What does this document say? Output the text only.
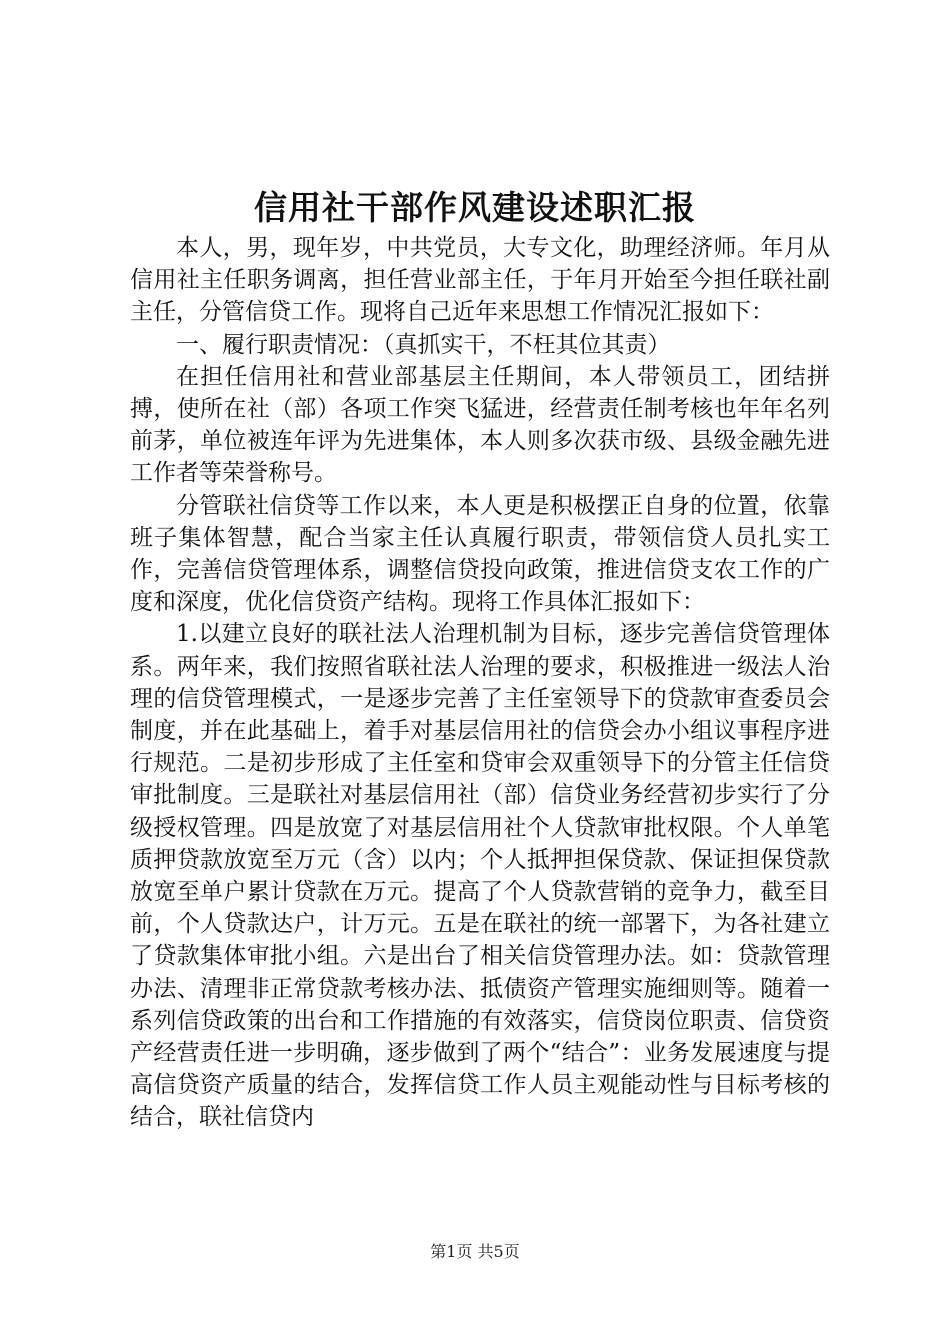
信用社干部作风建设述职汇报

本人，男，现年岁，中共党员，大专文化，助理经济师。年月从信用社主任职务调离，担任营业部主任，于年月开始至今担任联社副主任，分管信贷工作。现将自己近年来思想工作情况汇报如下：

一、履行职责情况：（真抓实干，不枉其位其责）

在担任信用社和营业部基层主任期间，本人带领员工，团结拼搏，使所在社（部）各项工作突飞猛进，经营责任制考核也年年名列前茅，单位被连年评为先进集体，本人则多次获市级、县级金融先进工作者等荣誉称号。

分管联社信贷等工作以来，本人更是积极摆正自身的位置，依靠班子集体智慧，配合当家主任认真履行职责，带领信贷人员扎实工作，完善信贷管理体系，调整信贷投向政策，推进信贷支农工作的广度和深度，优化信贷资产结构。现将工作具体汇报如下：

1.以建立良好的联社法人治理机制为目标，逐步完善信贷管理体系。两年来，我们按照省联社法人治理的要求，积极推进一级法人治理的信贷管理模式，一是逐步完善了主任室领导下的贷款审查委员会制度，并在此基础上，着手对基层信用社的信贷会办小组议事程序进行规范。二是初步形成了主任室和贷审会双重领导下的分管主任信贷审批制度。三是联社对基层信用社（部）信贷业务经营初步实行了分级授权管理。四是放宽了对基层信用社个人贷款审批权限。个人单笔质押贷款放宽至万元（含）以内；个人抵押担保贷款、保证担保贷款放宽至单户累计贷款在万元。提高了个人贷款营销的竞争力，截至目前，个人贷款达户，计万元。五是在联社的统一部署下，为各社建立了贷款集体审批小组。六是出台了相关信贷管理办法。如：贷款管理办法、清理非正常贷款考核办法、抵债资产管理实施细则等。随着一系列信贷政策的出台和工作措施的有效落实，信贷岗位职责、信贷资产经营责任进一步明确，逐步做到了两个“结合”：业务发展速度与提高信贷资产质量的结合，发挥信贷工作人员主观能动性与目标考核的结合，联社信贷内

第1页 共5页
